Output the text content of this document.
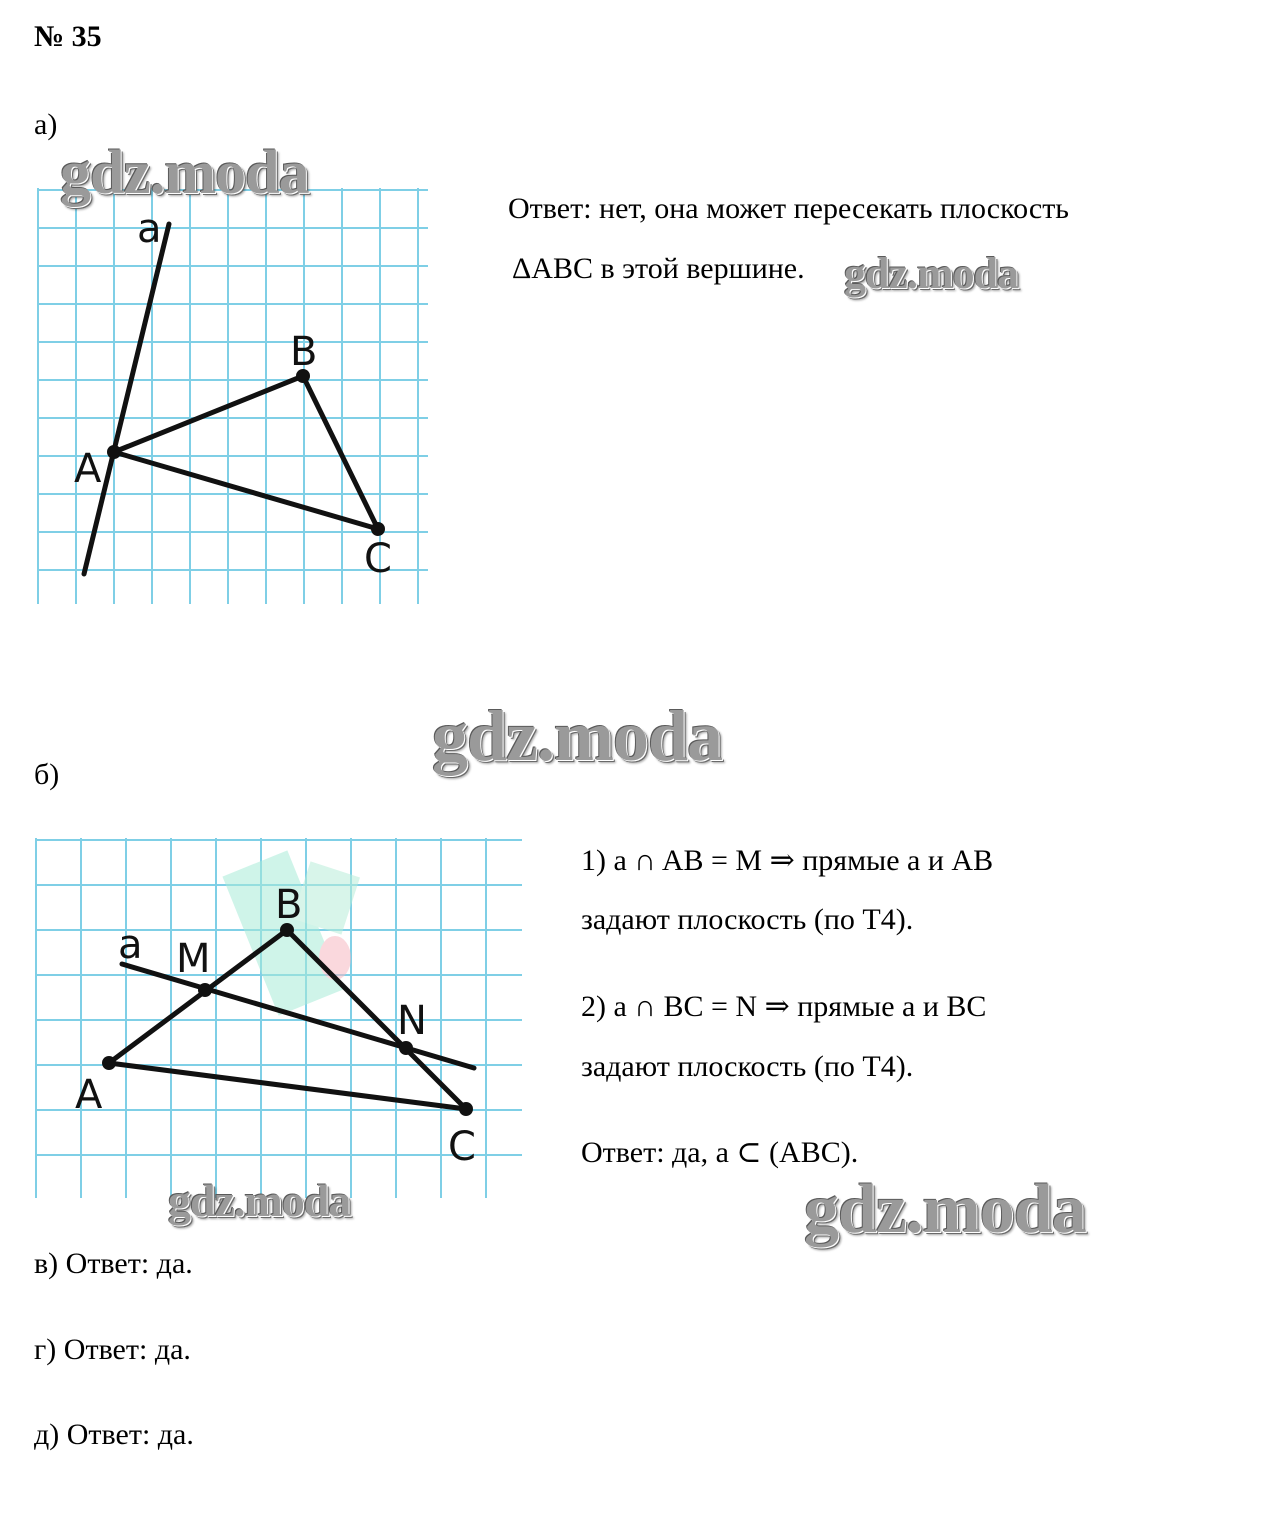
№ 35
а)
a
B
A
C
Ответ: нет, она может пересекать плоскость
ΔABC в этой вершине.
б)
a
B
M
N
A
C
1) a ∩ AB = M ⇒ прямые a и AB
задают плоскость (по Т4).
2) a ∩ BC = N ⇒ прямые a и BC
задают плоскость (по Т4).
Ответ: да, a ⊂ (ABC).
в) Ответ: да.
г) Ответ: да.
д) Ответ: да.
gdz.moda
gdz.moda
gdz.moda
gdz.moda	gdz.moda
